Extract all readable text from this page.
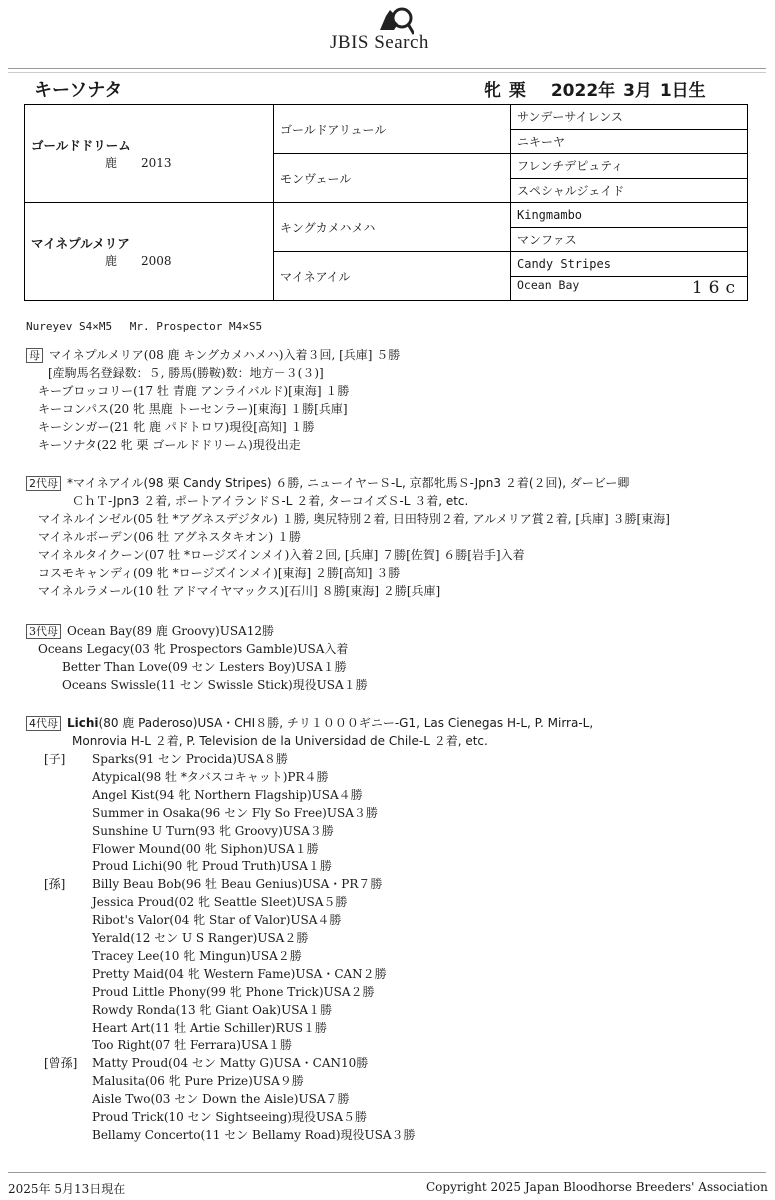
JBIS Search
キーソナタ	牝 栗　 2022年 3月 1日生
ゴールドドリーム
鹿　　2013	ゴールドアリュール	サンデーサイレンス
		ニキーヤ
	モンヴェール	フレンチデピュティ
		スペシャルジェイド

マイネプルメリア
鹿　　2008	キングカメハメハ	Kingmambo
		マンファス
	マイネアイル	Candy Stripes
		Ocean Bay 16c
Nureyev S4×M5　 Mr. Prospector M4×S5
母 マイネプルメリア(08 鹿 キングカメハメハ)入着３回, [兵庫] ５勝
[産駒馬名登録数：５, 勝馬(勝鞍)数：地方－３(３)]
キーブロッコリー(17 牡 青鹿 アンライバルド)[東海] １勝
キーコンパス(20 牝 黒鹿 トーセンラー)[東海] １勝[兵庫]
キーシンガー(21 牝 鹿 パドトロワ)現役[高知] １勝
キーソナタ(22 牝 栗 ゴールドドリーム)現役出走
2代母 *マイネアイル(98 栗 Candy Stripes) ６勝, ニューイヤーＳ-L, 京都牝馬Ｓ-Jpn3 ２着(２回), ダービー卿
ＣｈＴ-Jpn3 ２着, ポートアイランドＳ-L ２着, ターコイズＳ-L ３着, etc.
マイネルインゼル(05 牡 *アグネスデジタル) １勝, 奥尻特別２着, 日田特別２着, アルメリア賞２着, [兵庫] ３勝[東海]
マイネルボーデン(06 牡 アグネスタキオン) １勝
マイネルタイクーン(07 牡 *ロージズインメイ)入着２回, [兵庫] ７勝[佐賀] ６勝[岩手]入着
コスモキャンディ(09 牝 *ロージズインメイ)[東海] ２勝[高知] ３勝
マイネルラメール(10 牡 アドマイヤマックス)[石川] ８勝[東海] ２勝[兵庫]
3代母 Ocean Bay(89 鹿 Groovy)USA12勝
Oceans Legacy(03 牝 Prospectors Gamble)USA入着
Better Than Love(09 セン Lesters Boy)USA１勝
Oceans Swissle(11 セン Swissle Stick)現役USA１勝
4代母 Lichi(80 鹿 Paderoso)USA・CHI８勝, チリ１０００ギニー-G1, Las Cienegas H-L, P. Mirra-L,
Monrovia H-L ２着, P. Television de la Universidad de Chile-L ２着, etc.
[子] Sparks(91 セン Procida)USA８勝
Atypical(98 牡 *タバスコキャット)PR４勝
Angel Kist(94 牝 Northern Flagship)USA４勝
Summer in Osaka(96 セン Fly So Free)USA３勝
Sunshine U Turn(93 牝 Groovy)USA３勝
Flower Mound(00 牝 Siphon)USA１勝
Proud Lichi(90 牝 Proud Truth)USA１勝
[孫] Billy Beau Bob(96 牡 Beau Genius)USA・PR７勝
Jessica Proud(02 牝 Seattle Sleet)USA５勝
Ribot's Valor(04 牝 Star of Valor)USA４勝
Yerald(12 セン U S Ranger)USA２勝
Tracey Lee(10 牝 Mingun)USA２勝
Pretty Maid(04 牝 Western Fame)USA・CAN２勝
Proud Little Phony(99 牝 Phone Trick)USA２勝
Rowdy Ronda(13 牝 Giant Oak)USA１勝
Heart Art(11 牡 Artie Schiller)RUS１勝
Too Right(07 牡 Ferrara)USA１勝
[曾孫] Matty Proud(04 セン Matty G)USA・CAN10勝
Malusita(06 牝 Pure Prize)USA９勝
Aisle Two(03 セン Down the Aisle)USA７勝
Proud Trick(10 セン Sightseeing)現役USA５勝
Bellamy Concerto(11 セン Bellamy Road)現役USA３勝
2025年 5月13日現在	Copyright 2025 Japan Bloodhorse Breeders' Association
